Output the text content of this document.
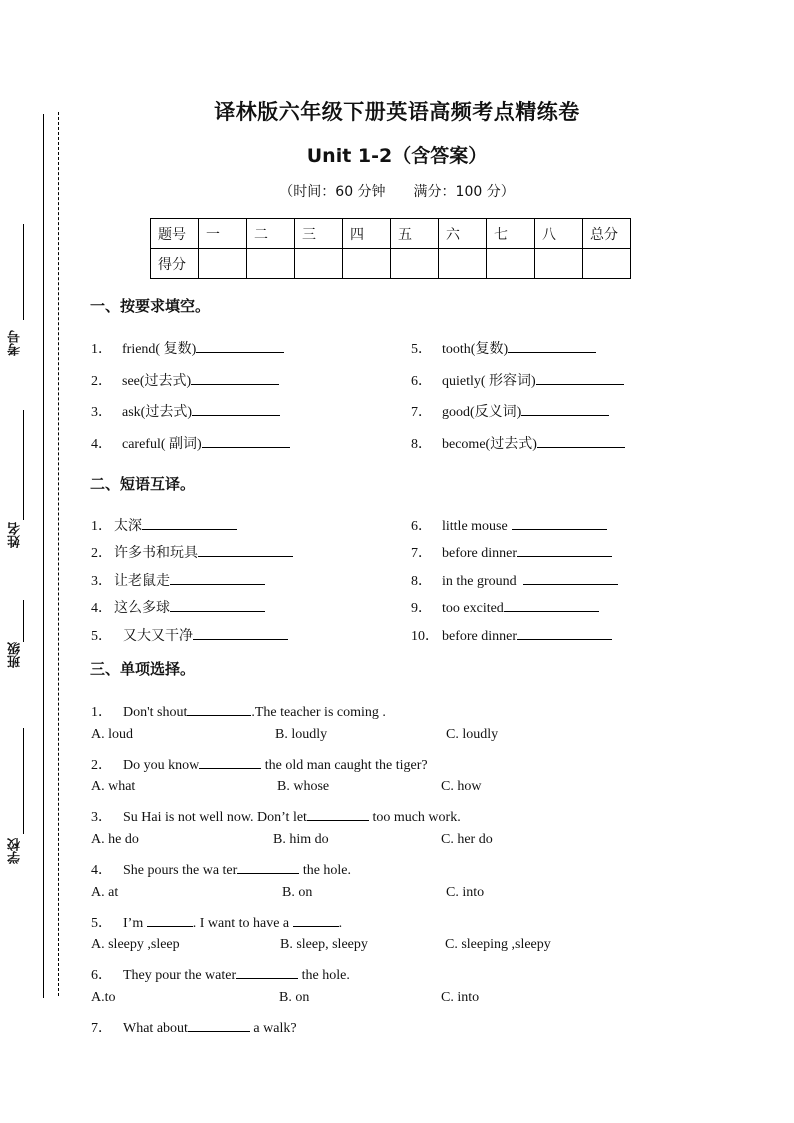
考号
姓名
班级
学校
译林版六年级下册英语高频考点精练卷
Unit 1-2（含答案）
（时间：60 分钟 满分：100 分）
题号	一	二	三	四	五	六	七	八	总分
得分									
一、按要求填空。
1． friend( 复数)
2． see(过去式)
3． ask(过去式)
4． careful( 副词)
5． tooth(复数)
6． quietly( 形容词)
7． good(反义词)
8． become(过去式)
二、短语互译。
1． 太深
2． 许多书和玩具
3． 让老鼠走
4． 这么多球
5． 又大又干净
6． little mouse
7． before dinner
8． in the ground
9． too excited
10． before dinner
三、单项选择。
1． Don't shout	.The teacher is coming .
A. loud	B. loudly	C. loudly
2． Do you know	the old man caught the tiger?
A. what	B. whose	C. how
3． Su Hai is not well now. Don’t let	too much work.
A. he do	B. him do	C. her do
4． She pours the wa ter	the hole.
A. at	B. on	C. into
5． I’m	. I want to have a	.
A. sleepy ,sleep	B. sleep, sleepy	C. sleeping ,sleepy
6． They pour the water	the hole.
A.to	B. on	C. into
7． What about	a walk?
